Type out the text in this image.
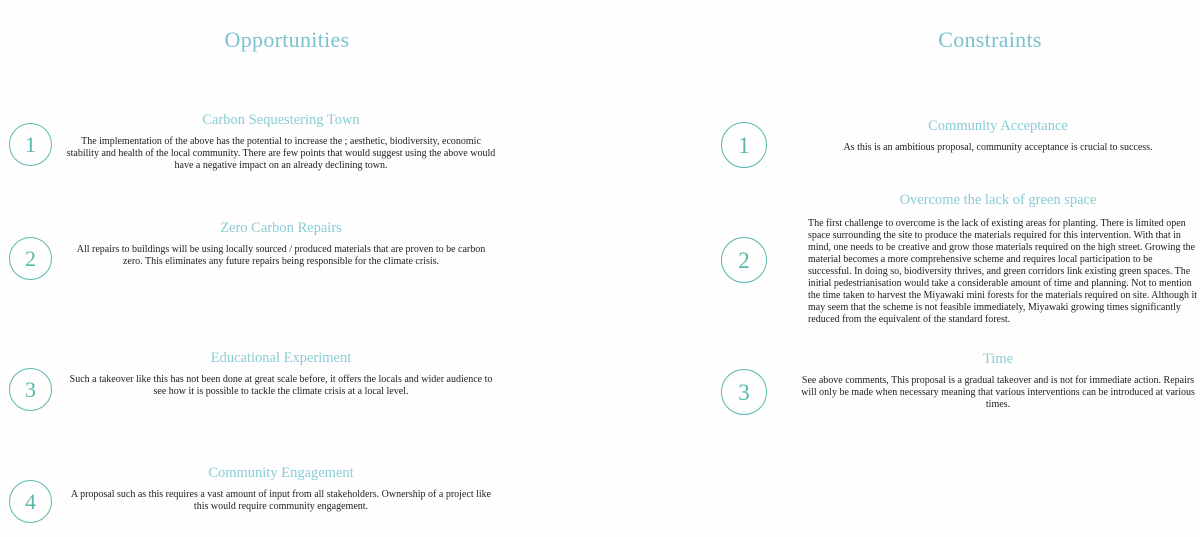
Opportunities
1
Carbon Sequestering Town

The implementation of the above has the potential to increase the ; aesthetic, biodiversity, economic stability and health of the local community. There are few points that would suggest using the above would have a negative impact on an already declining town.

2
Zero Carbon Repairs

All repairs to buildings will be using locally sourced / produced materials that are proven to be carbon zero. This eliminates any future repairs being responsible for the climate crisis.

3
Educational Experiment

Such a takeover like this has not been done at great scale before, it offers the locals and wider audience to see how it is possible to tackle the climate crisis at a local level.

4
Community Engagement

A proposal such as this requires a vast amount of input from all stakeholders. Ownership of a project like this would require community engagement.

Constraints
1
Community Acceptance

As this is an ambitious proposal, community acceptance is crucial to success.

2
Overcome the lack of green space

The first challenge to overcome is the lack of existing areas for planting. There is limited open space surrounding the site to produce the materials required for this intervention. With that in mind, one needs to be creative and grow those materials required on the high street. Growing the material becomes a more comprehensive scheme and requires local participation to be successful. In doing so, biodiversity thrives, and green corridors link existing green spaces. The initial pedestrianisation would take a considerable amount of time and planning. Not to mention the time taken to harvest the Miyawaki mini forests for the materials required on site. Although it may seem that the scheme is not feasible immediately, Miyawaki growing times significantly reduced from the equivalent of the standard forest.

3
Time

See above comments, This proposal is a gradual takeover and is not for immediate action. Repairs will only be made when necessary meaning that various interventions can be introduced at various times.
